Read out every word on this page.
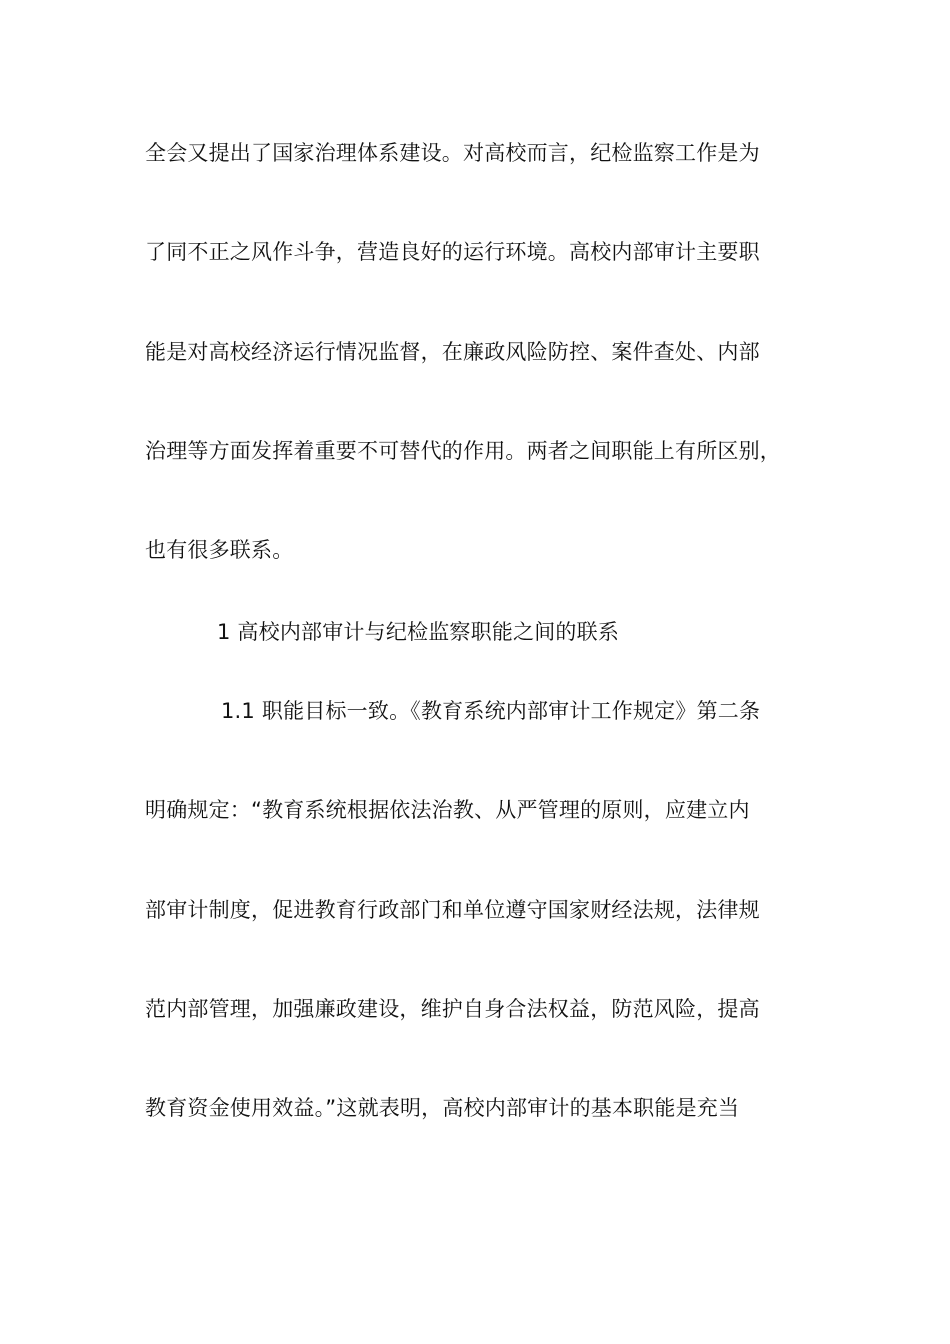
全会又提出了国家治理体系建设。对高校而言，纪检监察工作是为
了同不正之风作斗争，营造良好的运行环境。高校内部审计主要职
能是对高校经济运行情况监督，在廉政风险防控、案件查处、内部
治理等方面发挥着重要不可替代的作用。两者之间职能上有所区别，
也有很多联系。
1 高校内部审计与纪检监察职能之间的联系
1.1 职能目标一致。《教育系统内部审计工作规定》第二条
明确规定：“教育系统根据依法治教、从严管理的原则，应建立内
部审计制度，促进教育行政部门和单位遵守国家财经法规，法律规
范内部管理，加强廉政建设，维护自身合法权益，防范风险，提高
教育资金使用效益。”这就表明，高校内部审计的基本职能是充当
